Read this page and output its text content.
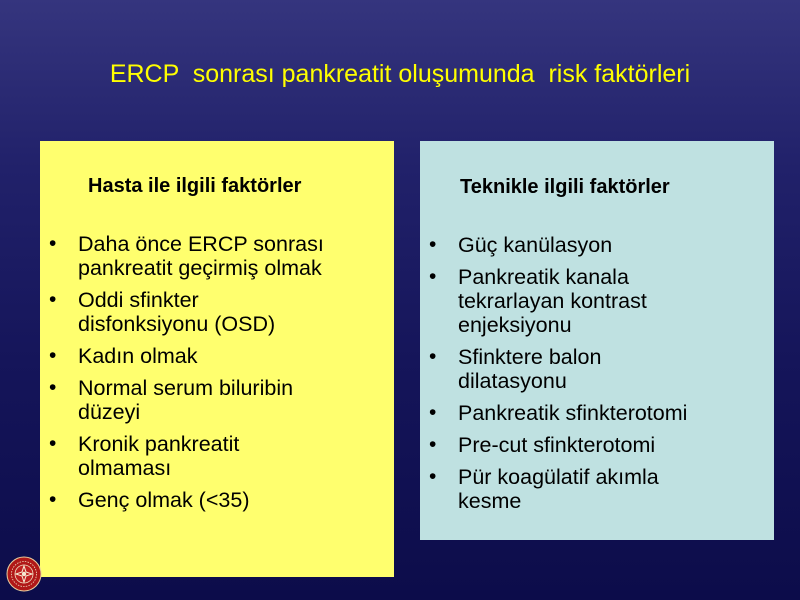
ERCP  sonrası pankreatit oluşumunda  risk faktörleri
Hasta ile ilgili faktörler
• Daha önce ERCP sonrası
pankreatit geçirmiş olmak
• Oddi sfinkter
disfonksiyonu (OSD)
• Kadın olmak
• Normal serum biluribin
düzeyi
• Kronik pankreatit
olmaması
• Genç olmak (<35)
Teknikle ilgili faktörler
• Güç kanülasyon
• Pankreatik kanala
tekrarlayan kontrast
enjeksiyonu
• Sfinktere balon
dilatasyonu
• Pankreatik sfinkterotomi
• Pre-cut sfinkterotomi
• Pür koagülatif akımla
kesme
